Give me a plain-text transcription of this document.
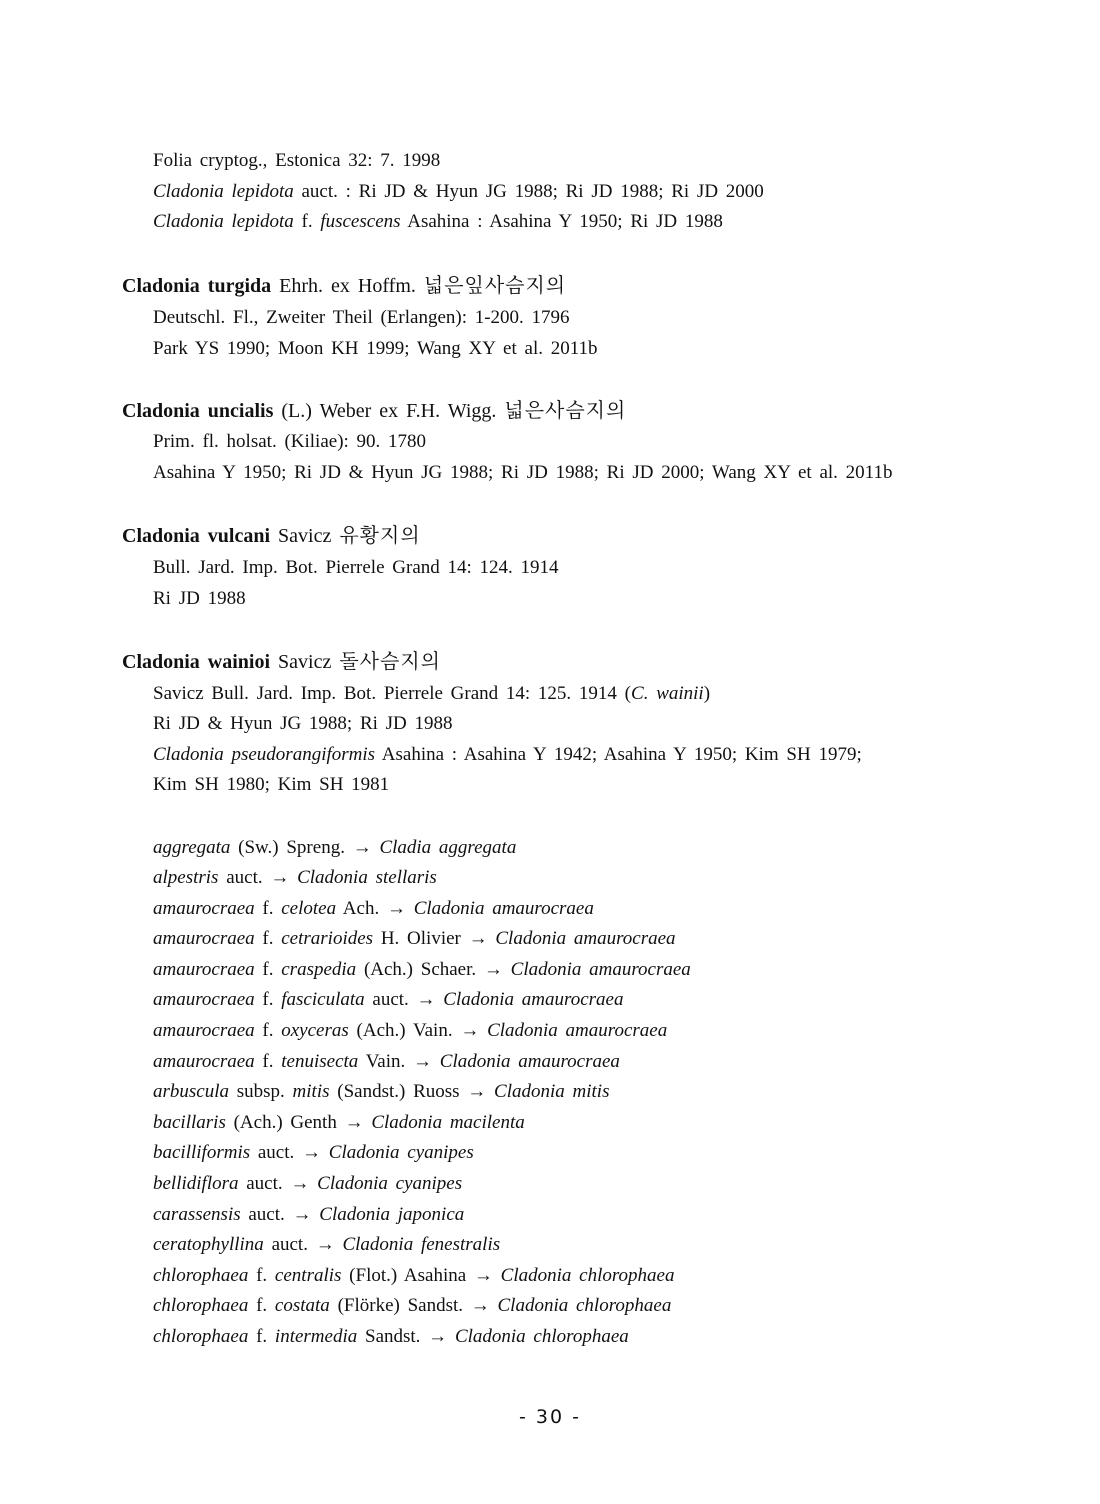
Folia cryptog., Estonica 32: 7. 1998
Cladonia lepidota auct. : Ri JD & Hyun JG 1988; Ri JD 1988; Ri JD 2000
Cladonia lepidota f. fuscescens Asahina : Asahina Y 1950; Ri JD 1988
Cladonia turgida Ehrh. ex Hoffm. 넓은잎사슴지의
Deutschl. Fl., Zweiter Theil (Erlangen): 1-200. 1796
Park YS 1990; Moon KH 1999; Wang XY et al. 2011b
Cladonia uncialis (L.) Weber ex F.H. Wigg. 넓은사슴지의
Prim. fl. holsat. (Kiliae): 90. 1780
Asahina Y 1950; Ri JD & Hyun JG 1988; Ri JD 1988; Ri JD 2000; Wang XY et al. 2011b
Cladonia vulcani Savicz 유황지의
Bull. Jard. Imp. Bot. Pierrele Grand 14: 124. 1914
Ri JD 1988
Cladonia wainioi Savicz 돌사슴지의
Savicz Bull. Jard. Imp. Bot. Pierrele Grand 14: 125. 1914 (C. wainii)
Ri JD & Hyun JG 1988; Ri JD 1988
Cladonia pseudorangiformis Asahina : Asahina Y 1942; Asahina Y 1950; Kim SH 1979;
Kim SH 1980; Kim SH 1981
aggregata (Sw.) Spreng. → Cladia aggregata
alpestris auct. → Cladonia stellaris
amaurocraea f. celotea Ach. → Cladonia amaurocraea
amaurocraea f. cetrarioides H. Olivier → Cladonia amaurocraea
amaurocraea f. craspedia (Ach.) Schaer. → Cladonia amaurocraea
amaurocraea f. fasciculata auct. → Cladonia amaurocraea
amaurocraea f. oxyceras (Ach.) Vain. → Cladonia amaurocraea
amaurocraea f. tenuisecta Vain. → Cladonia amaurocraea
arbuscula subsp. mitis (Sandst.) Ruoss → Cladonia mitis
bacillaris (Ach.) Genth → Cladonia macilenta
bacilliformis auct. → Cladonia cyanipes
bellidiflora auct. → Cladonia cyanipes
carassensis auct. → Cladonia japonica
ceratophyllina auct. → Cladonia fenestralis
chlorophaea f. centralis (Flot.) Asahina → Cladonia chlorophaea
chlorophaea f. costata (Flörke) Sandst. → Cladonia chlorophaea
chlorophaea f. intermedia Sandst. → Cladonia chlorophaea
- 30 -
